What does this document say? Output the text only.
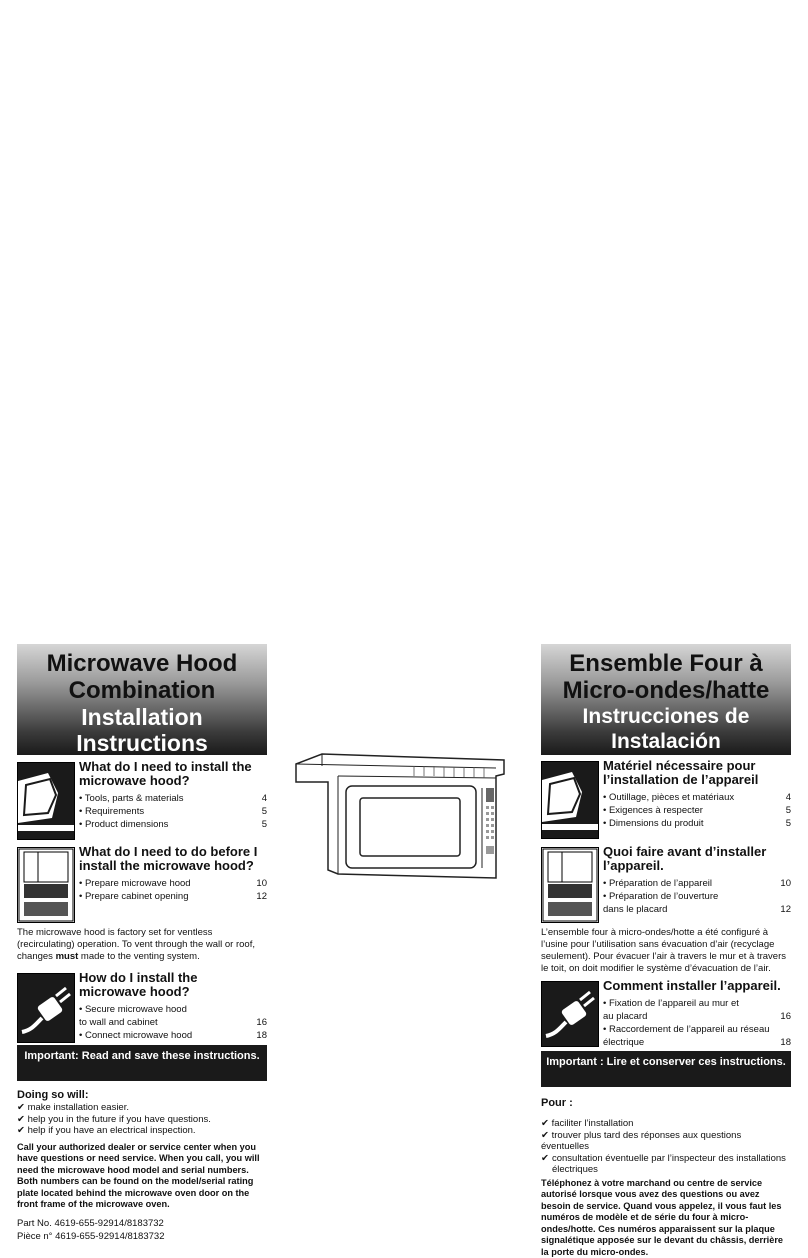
Microwave Hood
Combination
Installation
Instructions
What do I need to install the microwave hood?
• Tools, parts & materials	4
• Requirements	5
• Product dimensions	5
What do I need to do before I install the microwave hood?
• Prepare microwave hood	10
• Prepare cabinet opening	12

The microwave hood is factory set for ventless (recirculating) operation. To vent through the wall or roof, changes must made to the venting system.

How do I install the microwave hood?
• Secure microwave hood
to wall and cabinet	16
• Connect microwave hood	18
Important: Read and save these instructions.
Doing so will:
✔ make installation easier.
✔ help you in the future if you have questions.
✔ help if you have an electrical inspection.

Call your authorized dealer or service center when you have questions or need service. When you call, you will need the microwave hood model and serial numbers. Both numbers can be found on the model/serial rating plate located behind the microwave oven door on the front frame of the microwave oven.

Part No. 4619-655-92914/8183732
Pièce n° 4619-655-92914/8183732
Ensemble Four à
Micro-ondes/hatte
Instrucciones de
Instalación
Matériel nécessaire pour l’installation de l’appareil
• Outillage, pièces et matériaux	4
• Exigences à respecter	5
• Dimensions du produit	5
Quoi faire avant d’installer l’appareil.
• Préparation de l’appareil	10
• Préparation de l’ouverture
dans le placard	12

L’ensemble four à micro-ondes/hotte a été configuré à l’usine pour l’utilisation sans évacuation d’air (recyclage seulement). Pour évacuer l’air à travers le mur et à travers le toit, on doit modifier le système d’évacuation de l’air.

Comment installer l’appareil.
• Fixation de l’appareil au mur et
au placard	16
• Raccordement de l’appareil au réseau
électrique	18
Important : Lire et conserver ces instructions.
Pour :
✔ faciliter l’installation
✔ trouver plus tard des réponses aux questions éventuelles
✔ consultation éventuelle par l’inspecteur des installations électriques

Téléphonez à votre marchand ou centre de service autorisé lorsque vous avez des questions ou avez besoin de service. Quand vous appelez, il vous faut les numéros de modèle et de série du four à micro-ondes/hotte. Ces numéros apparaissent sur la plaque signalétique apposée sur le devant du châssis, derrière la porte du micro-ondes.
